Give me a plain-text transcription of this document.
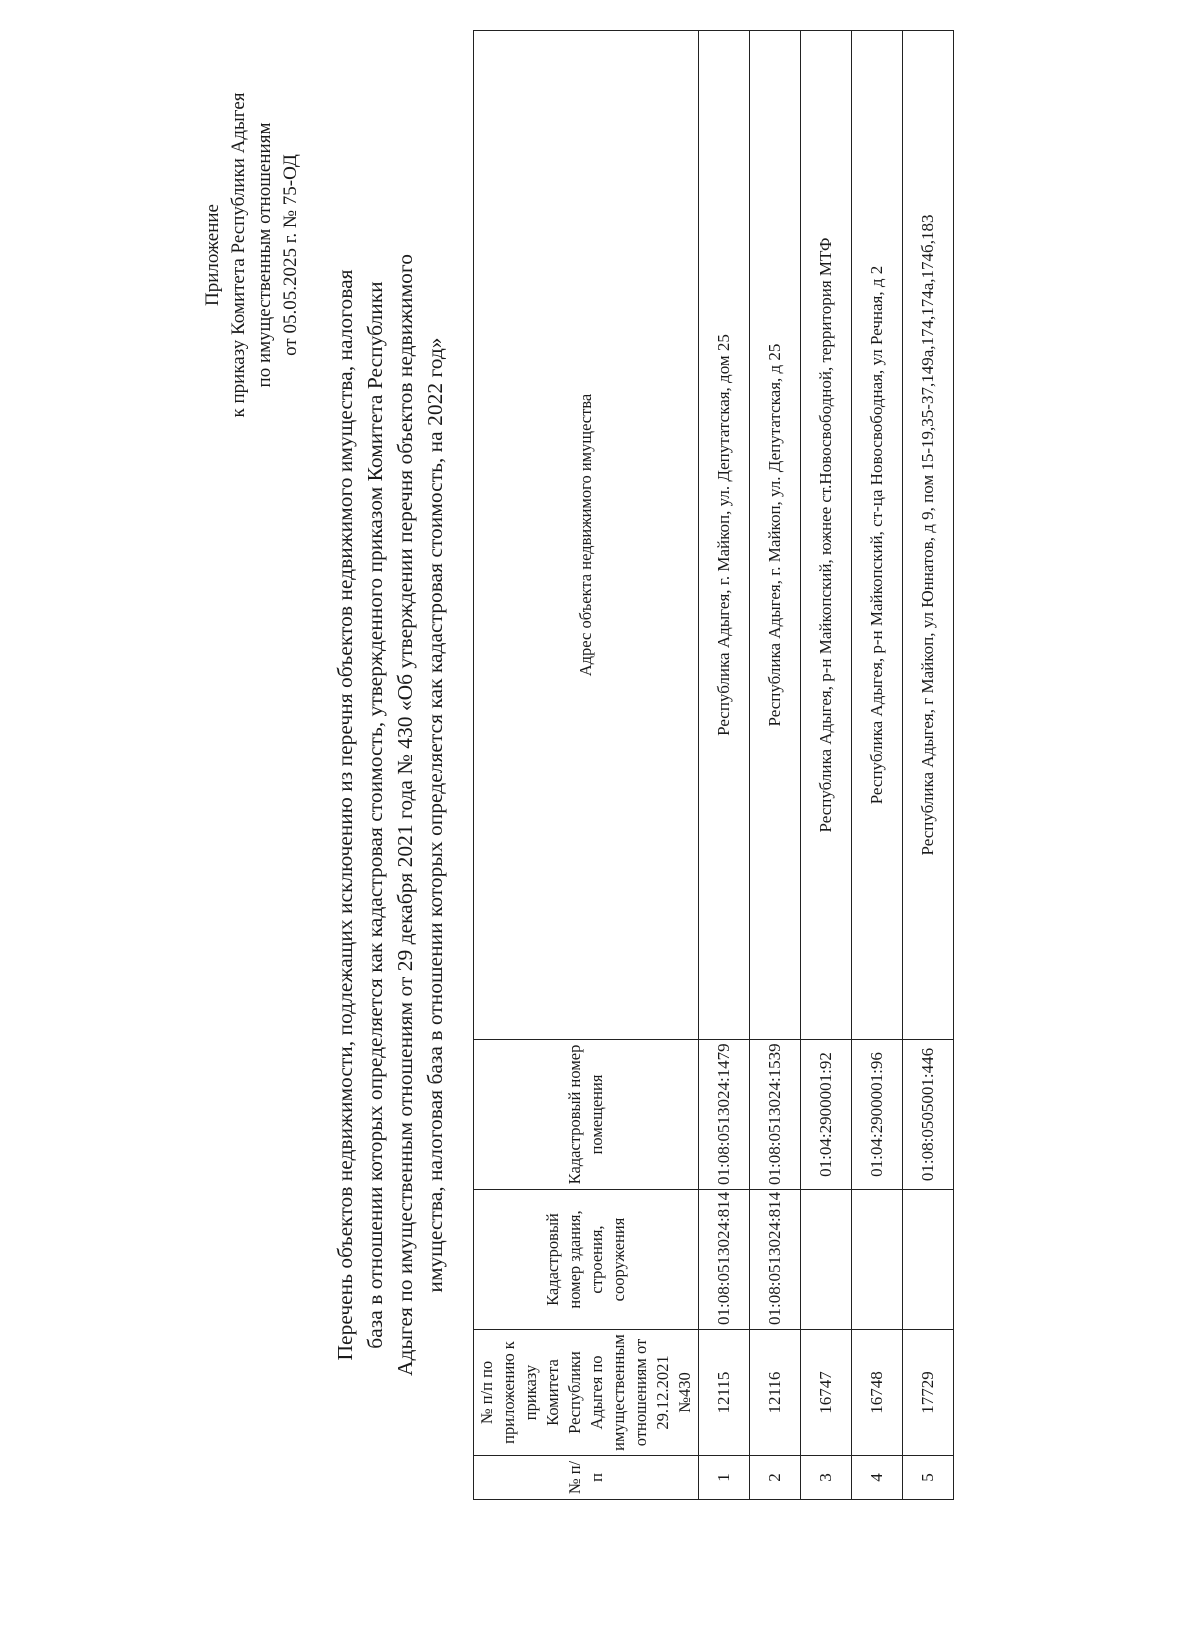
Приложение к приказу Комитета Республики Адыгея по имущественным отношениям от 05.05.2025 г. № 75-ОД
Перечень объектов недвижимости, подлежащих исключению из перечня объектов недвижимого имущества, налоговая база в отношении которых определяется как кадастровая стоимость, утвержденного приказом Комитета Республики Адыгея по имущественным отношениям от 29 декабря 2021 года № 430 «Об утверждении перечня объектов недвижимого имущества, налоговая база в отношении которых определяется как кадастровая стоимость, на 2022 год»
№ п/п	№ п/п по приложению к приказу Комитета Республики Адыгея по имущественным отношениям от 29.12.2021 №430	Кадастровый номер здания, строения, сооружения	Кадастровый номер помещения	Адрес объекта недвижимого имущества
1	12115	01:08:0513024:814	01:08:0513024:1479	Республика Адыгея, г. Майкоп, ул. Депутатская, дом 25
2	12116	01:08:0513024:814	01:08:0513024:1539	Республика Адыгея, г. Майкоп, ул. Депутатская, д 25
3	16747		01:04:2900001:92	Республика Адыгея, р-н Майкопский, южнее ст.Новосвободной, территория МТФ
4	16748		01:04:2900001:96	Республика Адыгея, р-н Майкопский, ст-ца Новосвободная, ул Речная, д 2
5	17729		01:08:0505001:446	Республика Адыгея, г Майкоп, ул Юннатов, д 9, пом 15-19,35-37,149а,174,174а,174б,183
